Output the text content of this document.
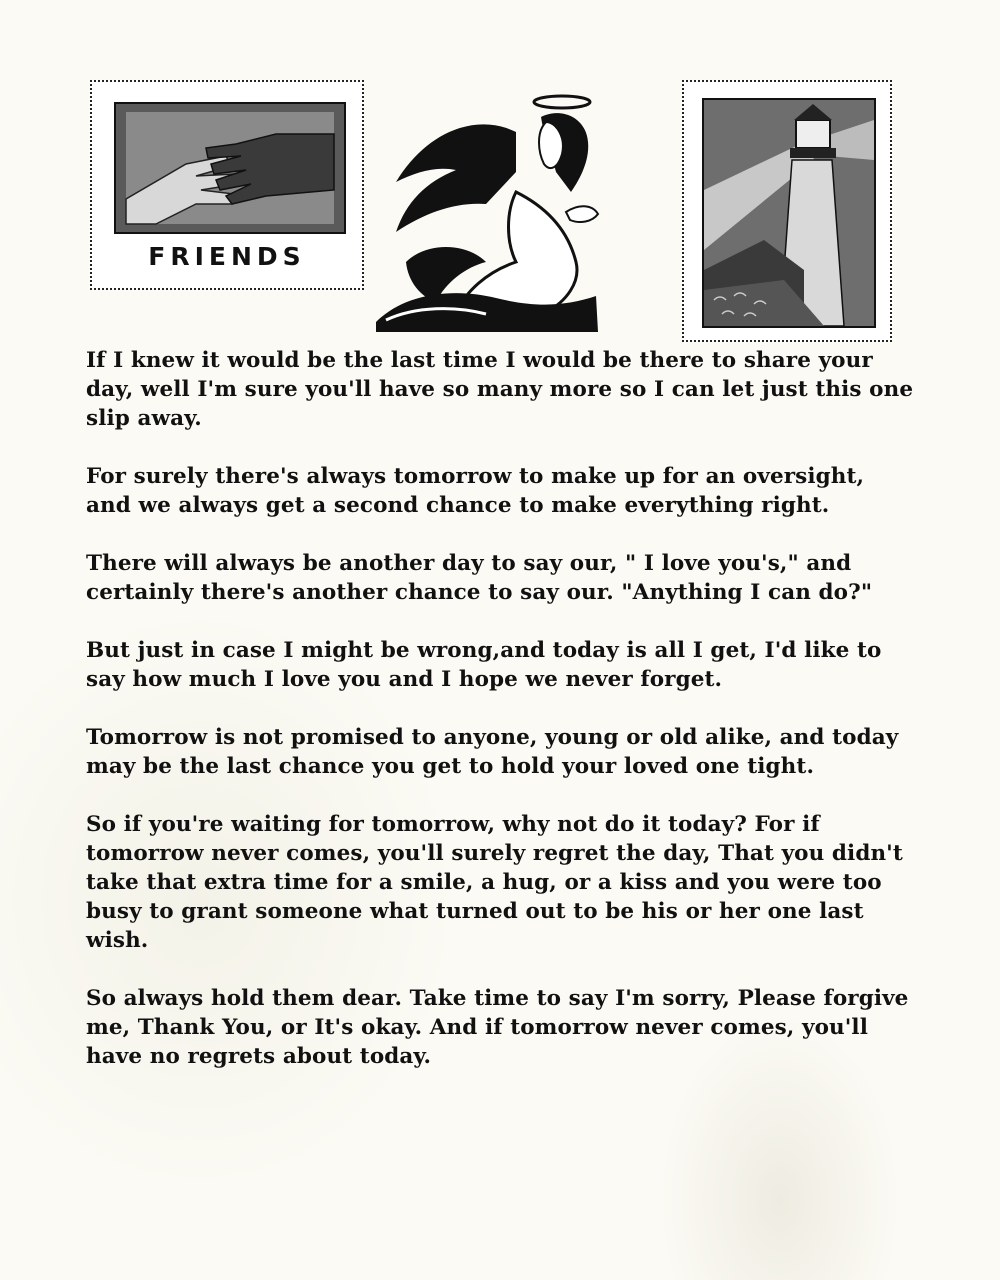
FRIENDS

If I knew it would be the last time I would be there to share your day, well I'm sure you'll have so many more so I can let just this one slip away.

For surely there's always tomorrow to make up for an oversight, and we always get a second chance to make everything right.

There will always be another day to say our, " I love you's," and certainly there's another chance to say our. "Anything I can do?"

But just in case I might be wrong,and today is all I get, I'd like to say how much I love you and I hope we never forget.

Tomorrow is not promised to anyone, young or old alike, and today may be the last chance you get to hold your loved one tight.

So if you're waiting for tomorrow, why not do it today? For if tomorrow never comes, you'll surely regret the day, That you didn't take that extra time for a smile, a hug, or a kiss and you were too busy to grant someone what turned out to be his or her one last wish.

So always hold them dear. Take time to say I'm sorry, Please forgive me, Thank You, or It's okay. And if tomorrow never comes, you'll have no regrets about today.
